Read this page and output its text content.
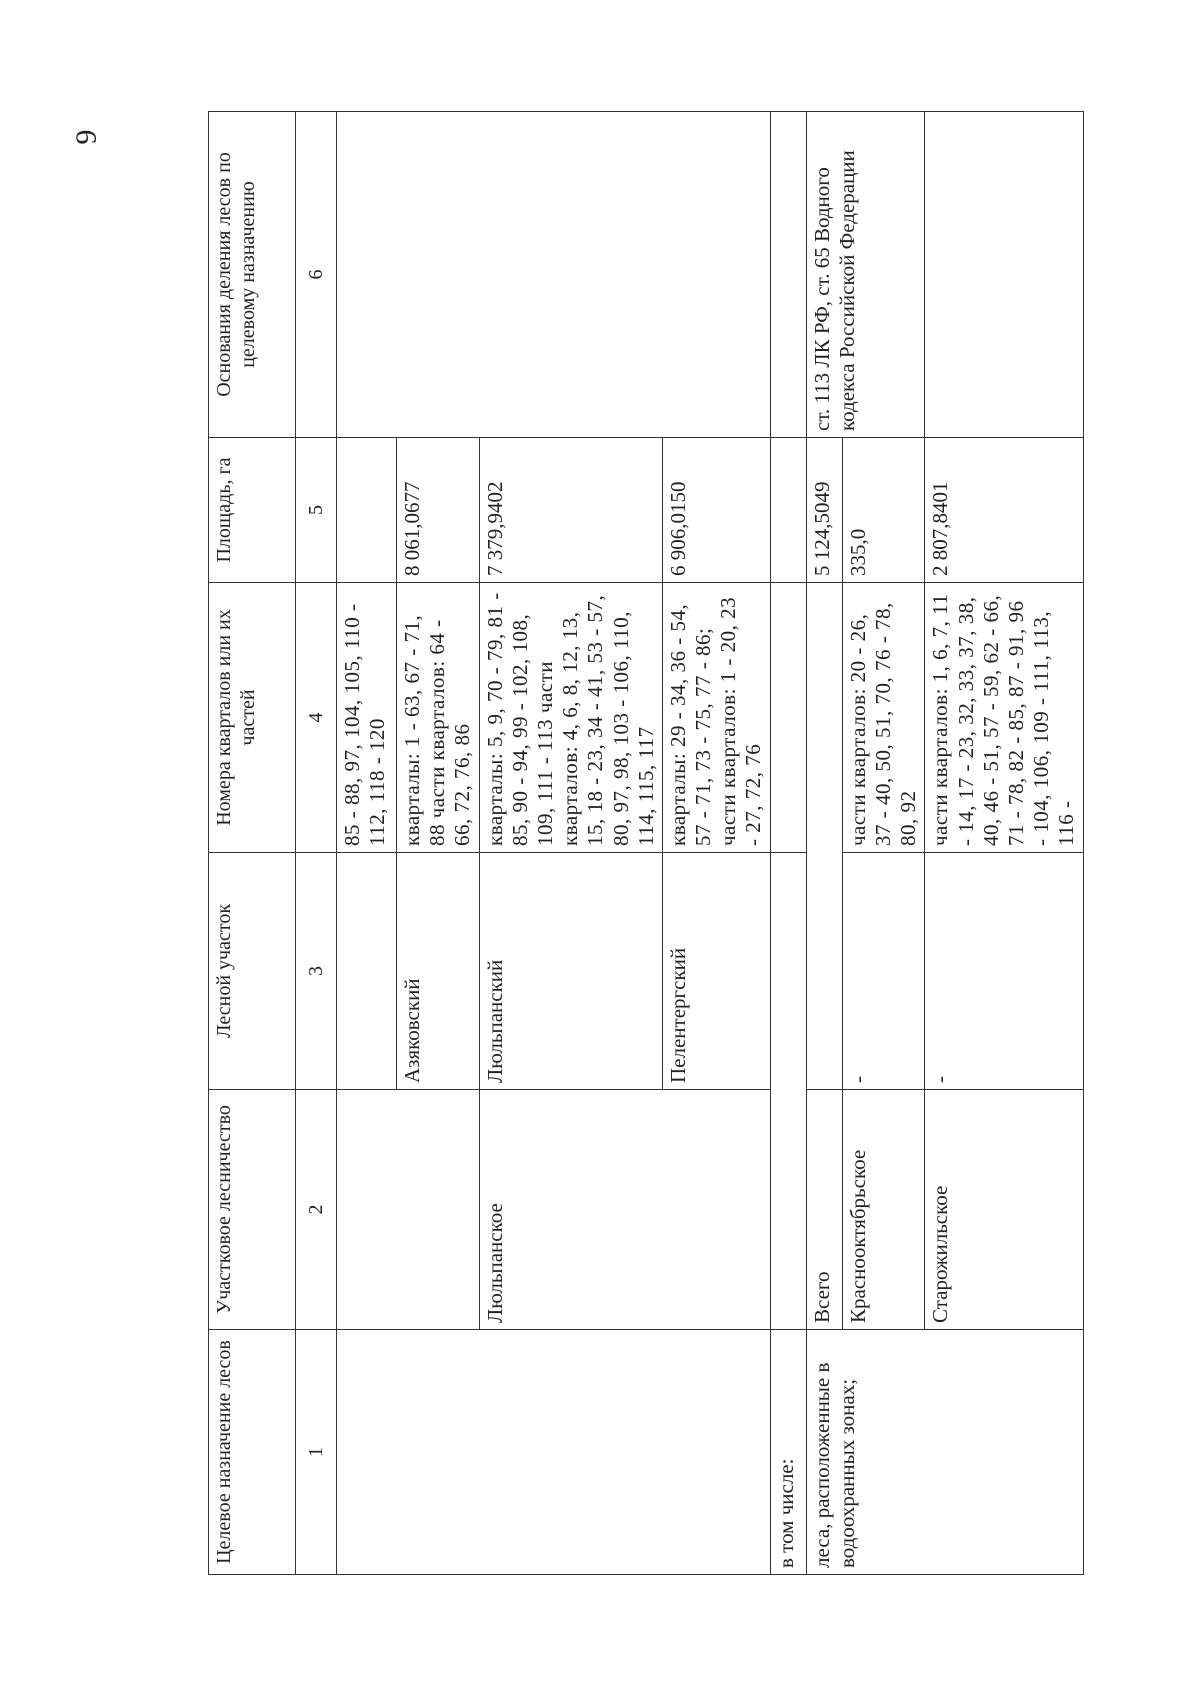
6
Целевое назначение лесов	Участковое лесничество	Лесной участок	Номера кварталов или их частей	Площадь, га	Основания деления лесов по целевому назначению
1	2	3	4	5	6
			85 - 88, 97, 104, 105, 110 - 112, 118 - 120		
		Азяковский	кварталы: 1 - 63, 67 - 71, 88 части кварталов: 64 - 66, 72, 76, 86	8 061,0677	
	Люльпанское	Люльпанский	кварталы: 5, 9, 70 - 79, 81 - 85, 90 - 94, 99 - 102, 108, 109, 111 - 113 части кварталов: 4, 6, 8, 12, 13, 15, 18 - 23, 34 - 41, 53 - 57, 80, 97, 98, 103 - 106, 110, 114, 115, 117	7 379,9402	
		Пелентергский	кварталы: 29 - 34, 36 - 54, 57 - 71, 73 - 75, 77 - 86; части кварталов: 1 - 20, 23 - 27, 72, 76	6 906,0150	
в том числе:					
леса, расположенные в водоохранных зонах;	Всего			5 124,5049	ст. 113 ЛК РФ, ст. 65 Водного кодекса Российской Федерации
	Краснооктябрьское	-	части кварталов: 20 - 26, 37 - 40, 50, 51, 70, 76 - 78, 80, 92	335,0	
	Старожильское	-	части кварталов: 1, 6, 7, 11 - 14, 17 - 23, 32, 33, 37, 38, 40, 46 - 51, 57 - 59, 62 - 66, 71 - 78, 82 - 85, 87 - 91, 96 - 104, 106, 109 - 111, 113, 116 -	2 807,8401	
